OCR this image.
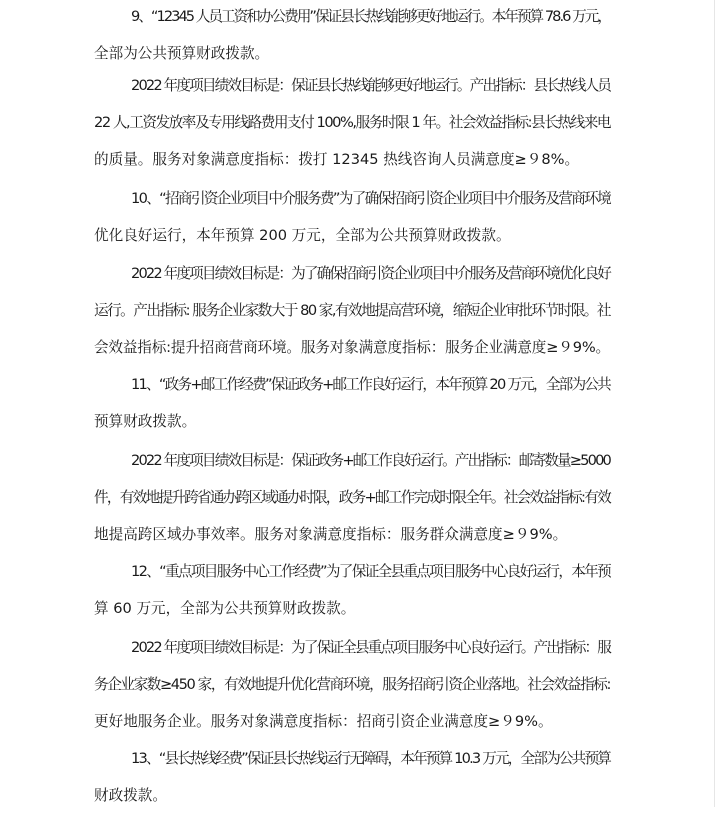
9、“12345 人员工资和办公费用”保证县长热线能够更好地运行。本年预算 78.6 万元，
全部为公共预算财政拨款。
2022 年度项目绩效目标是：保证县长热线能够更好地运行。产出指标：县长热线人员
22 人,工资发放率及专用线路费用支付 100%,服务时限 1 年。社会效益指标:县长热线来电
的质量。服务对象满意度指标：拨打 12345 热线咨询人员满意度≥９8%。
10、“招商引资企业项目中介服务费”为了确保招商引资企业项目中介服务及营商环境
优化良好运行，本年预算 200 万元，全部为公共预算财政拨款。
2022 年度项目绩效目标是：为了确保招商引资企业项目中介服务及营商环境优化良好
运行。产出指标: 服务企业家数大于 80 家,有效地提高营环境，缩短企业审批环节时限。社
会效益指标:提升招商营商环境。服务对象满意度指标：服务企业满意度≥９9%。
11、“政务+邮工作经费”保证政务+邮工作良好运行，本年预算 20 万元，全部为公共
预算财政拨款。
2022 年度项目绩效目标是：保证政务+邮工作良好运行。产出指标：邮寄数量≥5000
件，有效地提升跨省通办跨区域通办时限，政务+邮工作完成时限全年。社会效益指标:有效
地提高跨区域办事效率。服务对象满意度指标：服务群众满意度≥９9%。
12、“重点项目服务中心工作经费”为了保证全县重点项目服务中心良好运行，本年预
算 60 万元，全部为公共预算财政拨款。
2022 年度项目绩效目标是：为了保证全县重点项目服务中心良好运行。产出指标：服
务企业家数≥450 家，有效地提升优化营商环境，服务招商引资企业落地。社会效益指标:
更好地服务企业。服务对象满意度指标：招商引资企业满意度≥９9%。
13、“县长热线经费”保证县长热线运行无障碍，本年预算 10.3 万元，全部为公共预算
财政拨款。
